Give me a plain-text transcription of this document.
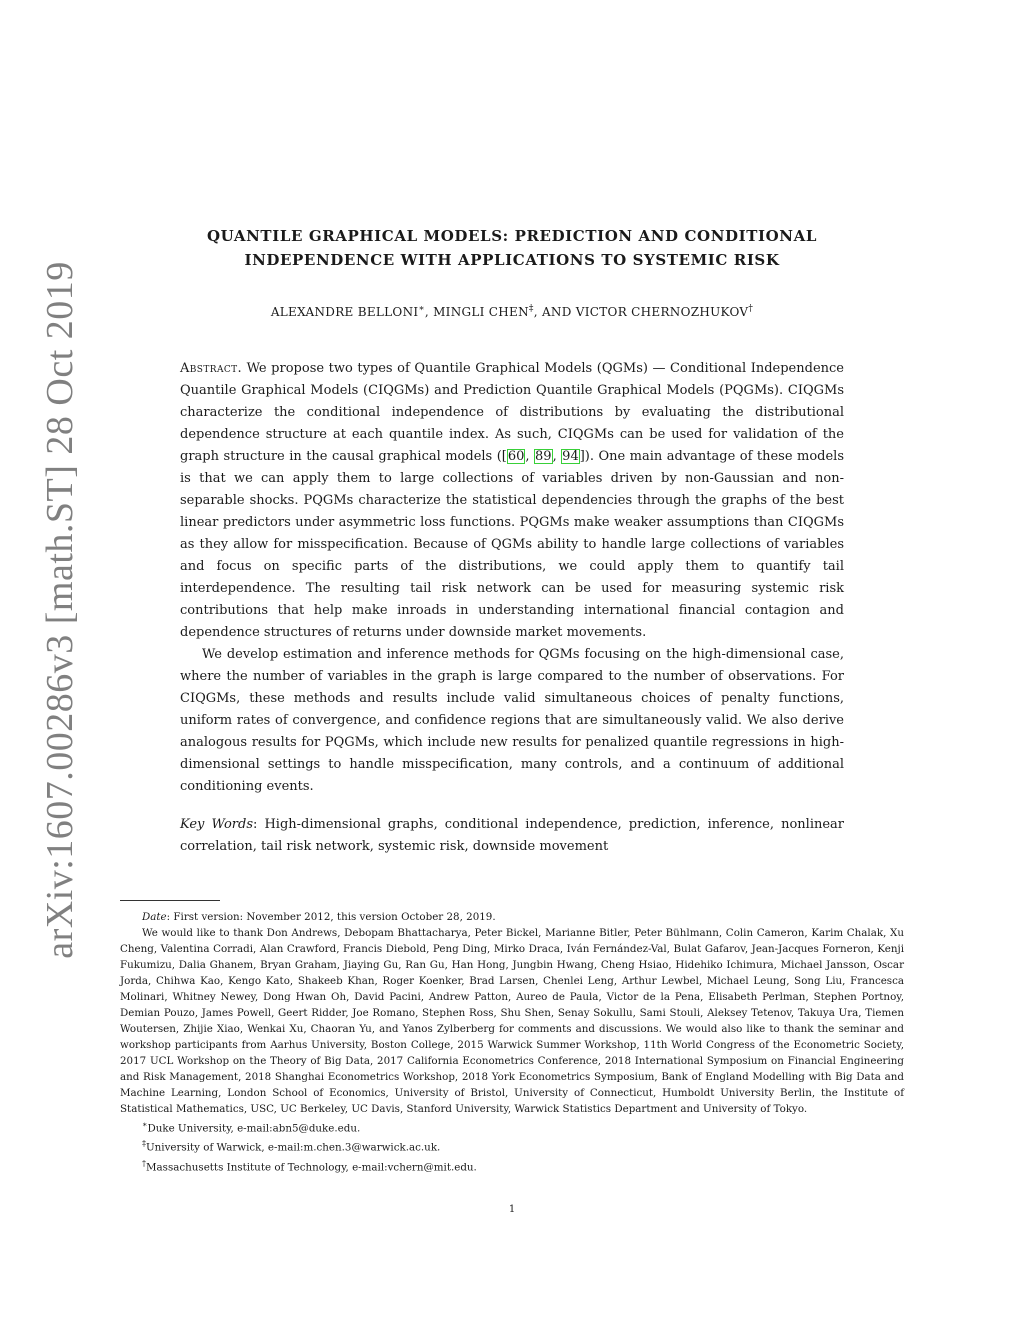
arXiv:1607.00286v3 [math.ST] 28 Oct 2019
QUANTILE GRAPHICAL MODELS: PREDICTION AND CONDITIONAL
INDEPENDENCE WITH APPLICATIONS TO SYSTEMIC RISK
ALEXANDRE BELLONI∗, MINGLI CHEN‡, AND VICTOR CHERNOZHUKOV†

Abstract. We propose two types of Quantile Graphical Models (QGMs) — Conditional Independence Quantile Graphical Models (CIQGMs) and Prediction Quantile Graphical Models (PQGMs). CIQGMs characterize the conditional independence of distributions by evaluating the distributional dependence structure at each quantile index. As such, CIQGMs can be used for validation of the graph structure in the causal graphical models ([60, 89, 94]). One main advantage of these models is that we can apply them to large collections of variables driven by non-Gaussian and non-separable shocks. PQGMs characterize the statistical dependencies through the graphs of the best linear predictors under asymmetric loss functions. PQGMs make weaker assumptions than CIQGMs as they allow for misspecification. Because of QGMs ability to handle large collections of variables and focus on specific parts of the distributions, we could apply them to quantify tail interdependence. The resulting tail risk network can be used for measuring systemic risk contributions that help make inroads in understanding international financial contagion and dependence structures of returns under downside market movements.

We develop estimation and inference methods for QGMs focusing on the high-dimensional case, where the number of variables in the graph is large compared to the number of observations. For CIQGMs, these methods and results include valid simultaneous choices of penalty functions, uniform rates of convergence, and confidence regions that are simultaneously valid. We also derive analogous results for PQGMs, which include new results for penalized quantile regressions in high-dimensional settings to handle misspecification, many controls, and a continuum of additional conditioning events.

Key Words: High-dimensional graphs, conditional independence, prediction, inference, nonlinear correlation, tail risk network, systemic risk, downside movement

Date: First version: November 2012, this version October 28, 2019.

We would like to thank Don Andrews, Debopam Bhattacharya, Peter Bickel, Marianne Bitler, Peter Bühlmann, Colin Cameron, Karim Chalak, Xu Cheng, Valentina Corradi, Alan Crawford, Francis Diebold, Peng Ding, Mirko Draca, Iván Fernández-Val, Bulat Gafarov, Jean-Jacques Forneron, Kenji Fukumizu, Dalia Ghanem, Bryan Graham, Jiaying Gu, Ran Gu, Han Hong, Jungbin Hwang, Cheng Hsiao, Hidehiko Ichimura, Michael Jansson, Oscar Jorda, Chihwa Kao, Kengo Kato, Shakeeb Khan, Roger Koenker, Brad Larsen, Chenlei Leng, Arthur Lewbel, Michael Leung, Song Liu, Francesca Molinari, Whitney Newey, Dong Hwan Oh, David Pacini, Andrew Patton, Aureo de Paula, Victor de la Pena, Elisabeth Perlman, Stephen Portnoy, Demian Pouzo, James Powell, Geert Ridder, Joe Romano, Stephen Ross, Shu Shen, Senay Sokullu, Sami Stouli, Aleksey Tetenov, Takuya Ura, Tiemen Woutersen, Zhijie Xiao, Wenkai Xu, Chaoran Yu, and Yanos Zylberberg for comments and discussions. We would also like to thank the seminar and workshop participants from Aarhus University, Boston College, 2015 Warwick Summer Workshop, 11th World Congress of the Econometric Society, 2017 UCL Workshop on the Theory of Big Data, 2017 California Econometrics Conference, 2018 International Symposium on Financial Engineering and Risk Management, 2018 Shanghai Econometrics Workshop, 2018 York Econometrics Symposium, Bank of England Modelling with Big Data and Machine Learning, London School of Economics, University of Bristol, University of Connecticut, Humboldt University Berlin, the Institute of Statistical Mathematics, USC, UC Berkeley, UC Davis, Stanford University, Warwick Statistics Department and University of Tokyo.

∗Duke University, e-mail:abn5@duke.edu.

‡University of Warwick, e-mail:m.chen.3@warwick.ac.uk.

†Massachusetts Institute of Technology, e-mail:vchern@mit.edu.

1
